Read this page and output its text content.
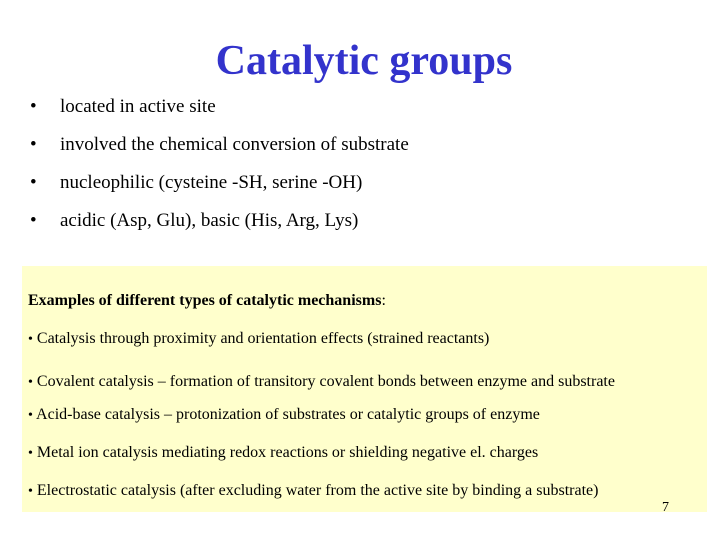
Catalytic groups
• located in active site
• involved the chemical conversion of substrate
• nucleophilic (cysteine -SH, serine -OH)
• acidic (Asp, Glu), basic (His, Arg, Lys)
Examples of different types of catalytic mechanisms:
• Catalysis through proximity and orientation effects (strained reactants)
• Covalent catalysis – formation of transitory covalent bonds between enzyme and substrate
• Acid-base catalysis – protonization of substrates or catalytic groups of enzyme
• Metal ion catalysis mediating redox reactions or shielding negative el. charges
• Electrostatic catalysis (after excluding water from the active site by binding a substrate)
7
